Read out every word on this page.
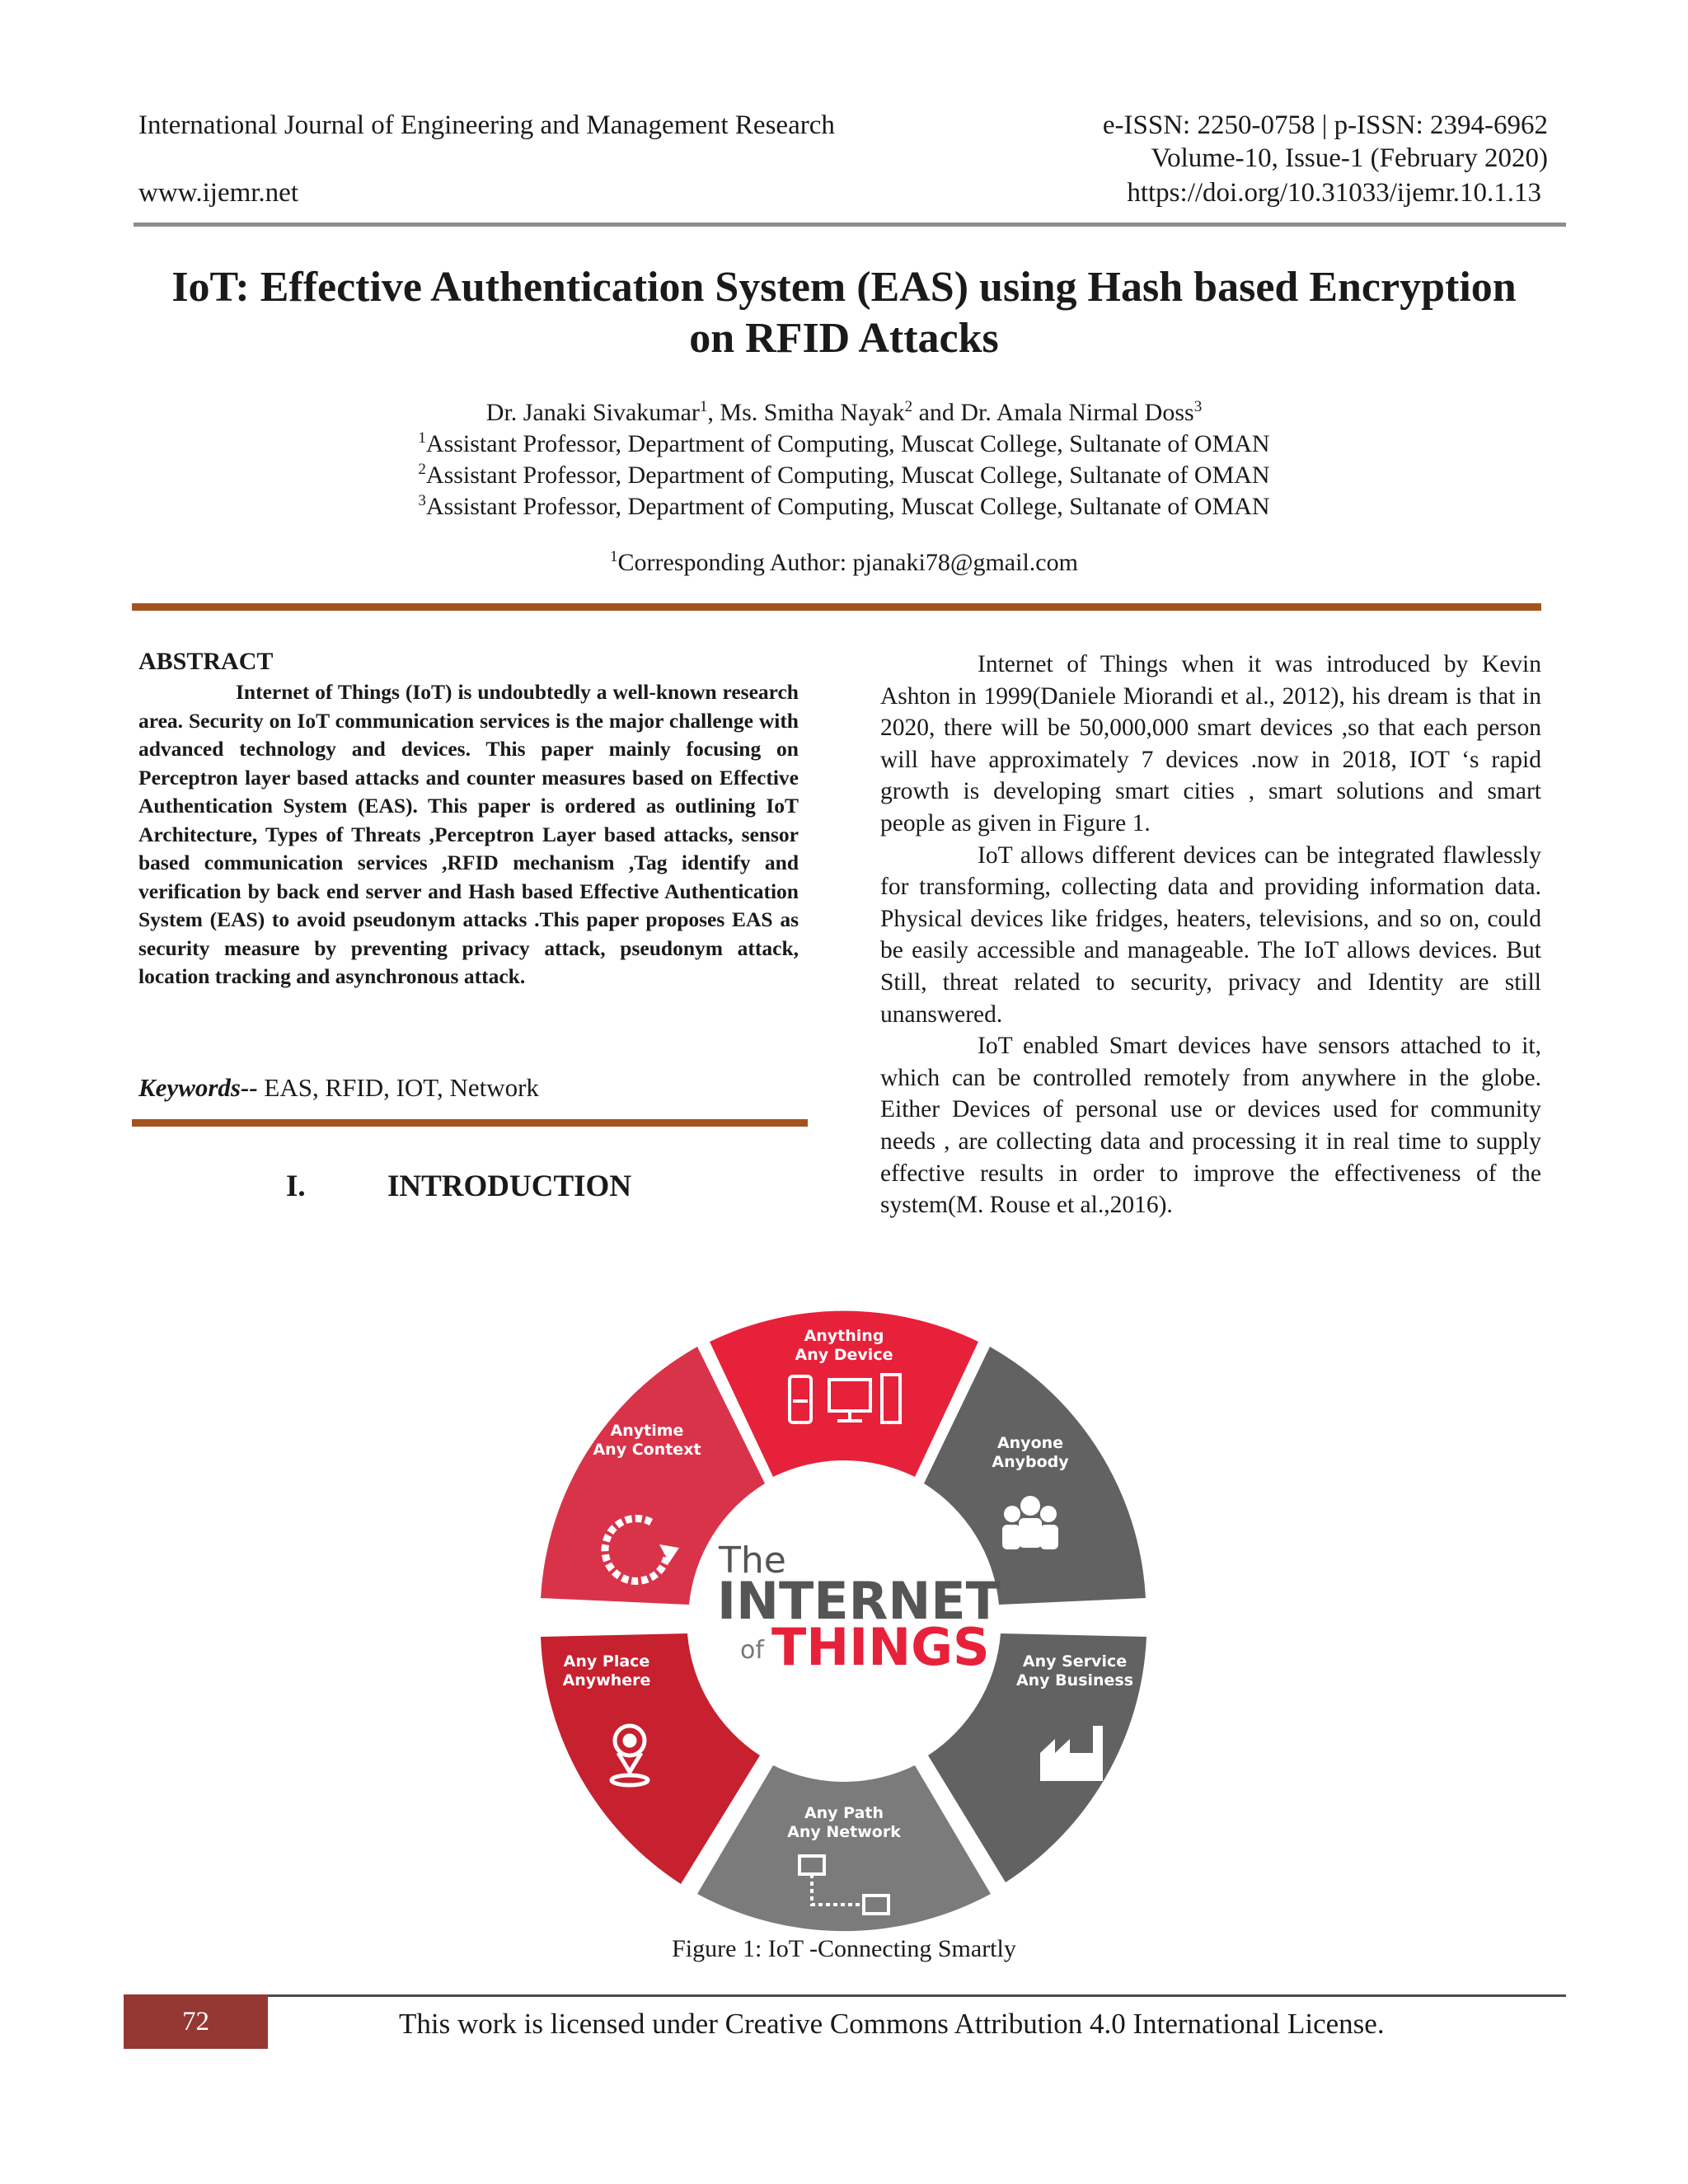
International Journal of Engineering and Management Research	e-ISSN: 2250-0758 | p-ISSN: 2394-6962
Volume-10, Issue-1 (February 2020)
www.ijemr.net	https://doi.org/10.31033/ijemr.10.1.13
IoT: Effective Authentication System (EAS) using Hash based Encryption
on RFID Attacks
Dr. Janaki Sivakumar$^1$, Ms. Smitha Nayak$^2$ and Dr. Amala Nirmal Doss$^3$
$^1$Assistant Professor, Department of Computing, Muscat College, Sultanate of OMAN
$^2$Assistant Professor, Department of Computing, Muscat College, Sultanate of OMAN
$^3$Assistant Professor, Department of Computing, Muscat College, Sultanate of OMAN
$^1$Corresponding Author: pjanaki78@gmail.com
ABSTRACT

Internet of Things (IoT) is undoubtedly a well-known research area. Security on IoT communication services is the major challenge with advanced technology and devices. This paper mainly focusing on Perceptron layer based attacks and counter measures based on Effective Authentication System (EAS). This paper is ordered as outlining IoT Architecture, Types of Threats ,Perceptron Layer based attacks, sensor based communication services ,RFID mechanism ,Tag identify and verification by back end server and Hash based Effective Authentication System (EAS) to avoid pseudonym attacks .This paper proposes EAS as security measure by preventing privacy attack, pseudonym attack, location tracking and asynchronous attack.

Keywords-- EAS, RFID, IOT, Network
I.	INTRODUCTION

Internet of Things when it was introduced by Kevin Ashton in 1999(Daniele Miorandi et al., 2012), his dream is that in 2020, there will be 50,000,000 smart devices ,so that each person will have approximately 7 devices .now in 2018, IOT ‘s rapid growth is developing smart cities , smart solutions and smart people as given in Figure 1.

IoT allows different devices can be integrated flawlessly for transforming, collecting data and providing information data. Physical devices like fridges, heaters, televisions, and so on, could be easily accessible and manageable. The IoT allows devices. But Still, threat related to security, privacy and Identity are still unanswered.

IoT enabled Smart devices have sensors attached to it, which can be controlled remotely from anywhere in the globe. Either Devices of personal use or devices used for community needs , are collecting data and processing it in real time to supply effective results in order to improve the effectiveness of the system(M. Rouse et al.,2016).

Anything
Any Device
Anyone
Anybody
Any Service
Any Business
Any Path
Any Network
Any Place
Anywhere
Anytime
Any Context
The
INTERNET
of THINGS
Figure 1: IoT -Connecting Smartly
72	This work is licensed under Creative Commons Attribution 4.0 International License.
